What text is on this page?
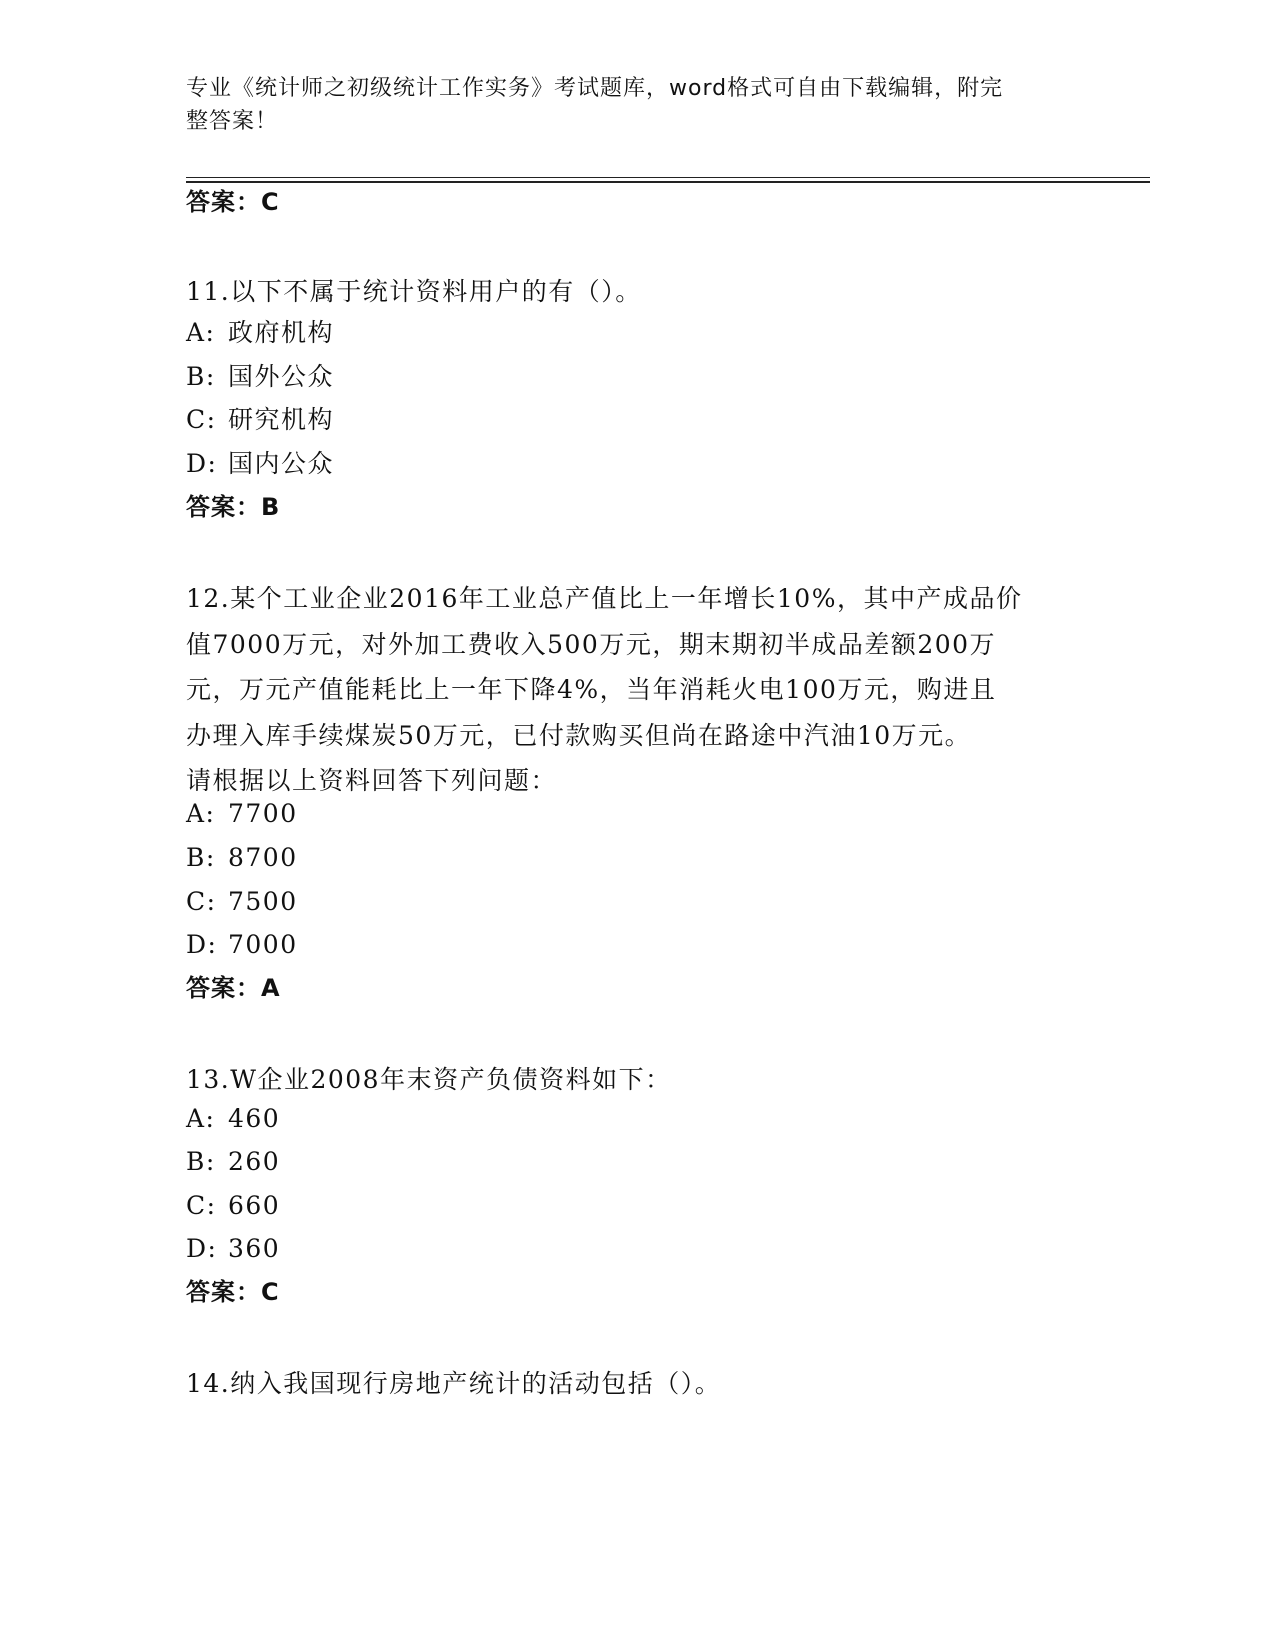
专业《统计师之初级统计工作实务》考试题库，word格式可自由下载编辑，附完
整答案！
答案：C
11.以下不属于统计资料用户的有（）。
A: 政府机构
B: 国外公众
C: 研究机构
D: 国内公众
答案：B
12.某个工业企业2016年工业总产值比上一年增长10%，其中产成品价
值7000万元，对外加工费收入500万元，期末期初半成品差额200万
元，万元产值能耗比上一年下降4%，当年消耗火电100万元，购进且
办理入库手续煤炭50万元，已付款购买但尚在路途中汽油10万元。
请根据以上资料回答下列问题：
A: 7700
B: 8700
C: 7500
D: 7000
答案：A
13.W企业2008年末资产负债资料如下：
A: 460
B: 260
C: 660
D: 360
答案：C
14.纳入我国现行房地产统计的活动包括（）。
